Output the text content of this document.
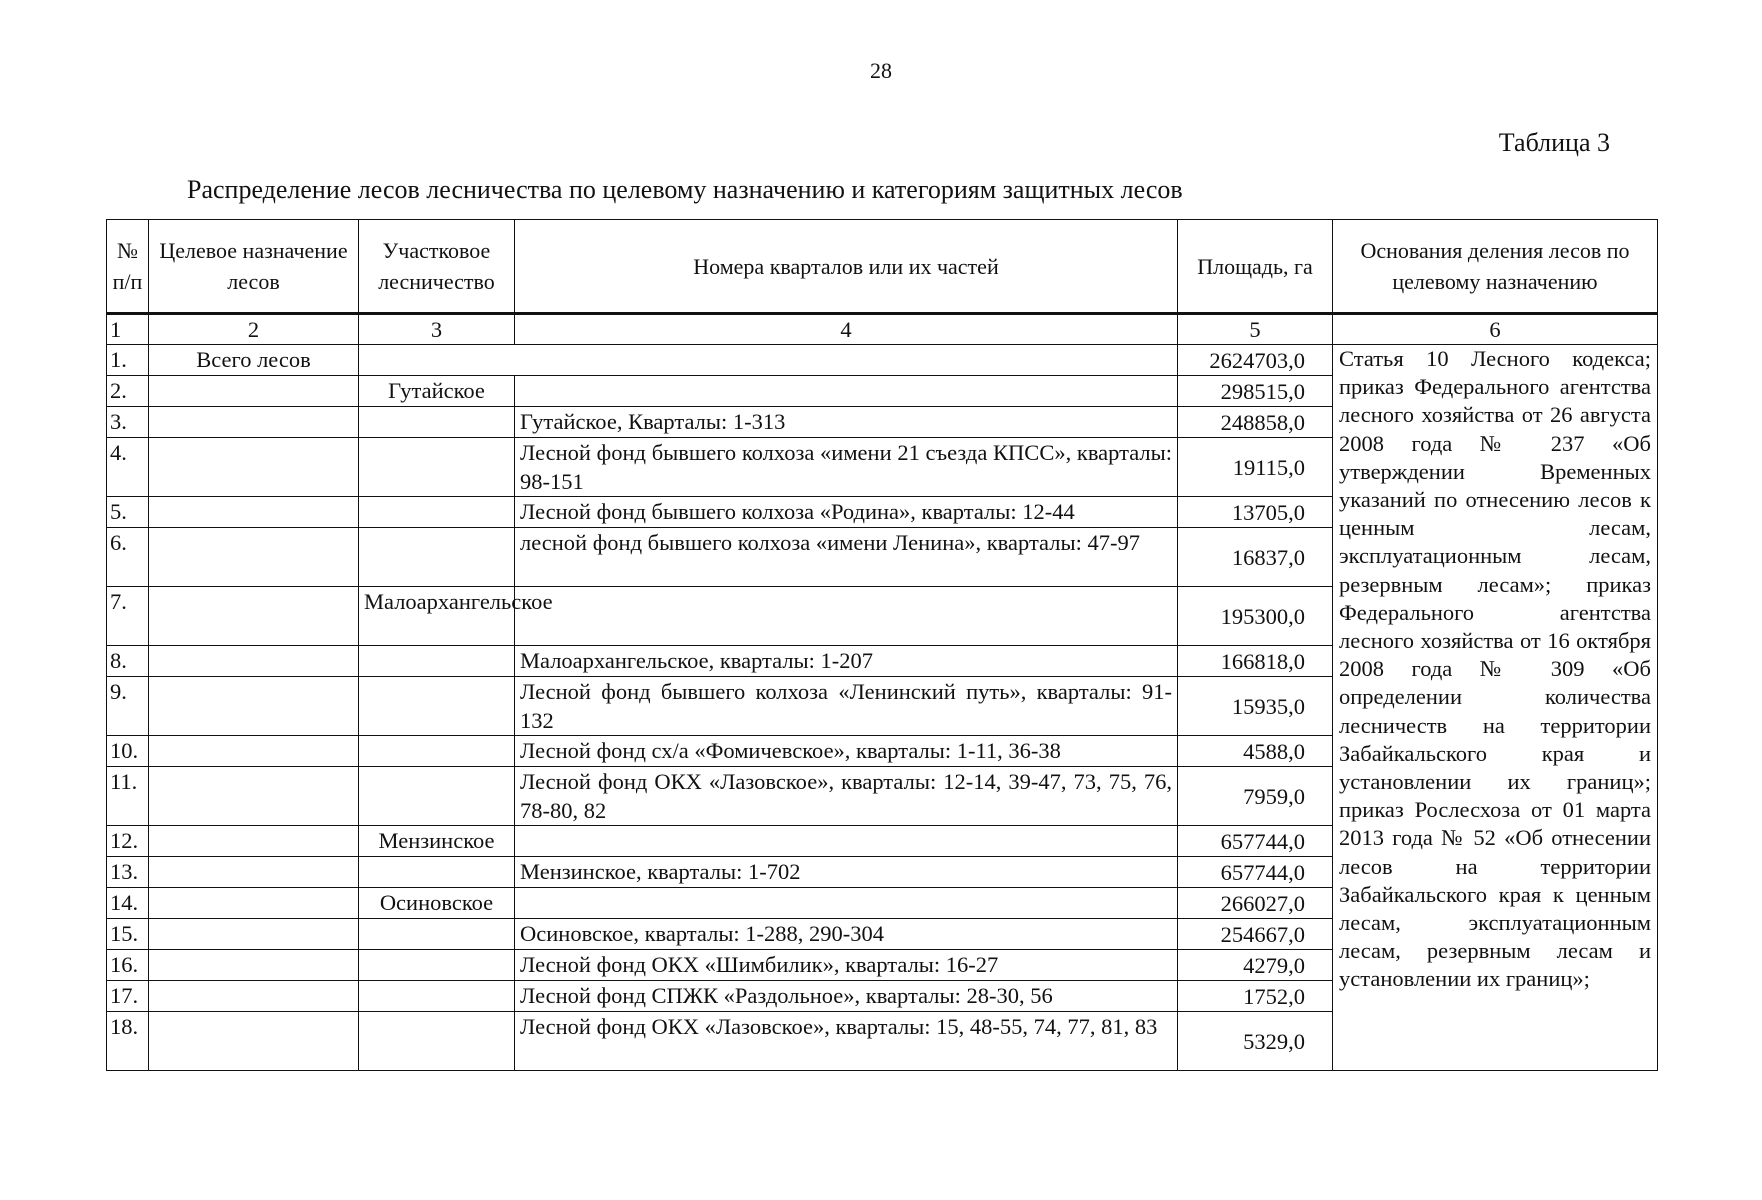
28
Таблица 3
Распределение лесов лесничества по целевому назначению и категориям защитных лесов
№ п/п	Целевое назначение лесов	Участковое лесничество	Номера кварталов или их частей	Площадь, га	Основания деления лесов по целевому назначению
1	2	3	4	5	6
1.	Всего лесов			2624703,0	Статья 10 Лесного кодекса; приказ Федерального агентства лесного хозяйства от 26 августа 2008 года № 237 «Об утверждении Временных указаний по отнесению лесов к ценным лесам, эксплуатационным лесам, резервным лесам»; приказ Федерального агентства лесного хозяйства от 16 октября 2008 года № 309 «Об определении количества лесничеств на территории Забайкальского края и установлении их границ»; приказ Рослесхоза от 01 марта 2013 года № 52 «Об отнесении лесов на территории Забайкальского края к ценным лесам, эксплуатационным лесам, резервным лесам и установлении их границ»;
2.		Гутайское		298515,0	
3.			Гутайское, Кварталы: 1-313	248858,0	
4.			Лесной фонд бывшего колхоза «имени 21 съезда КПСС», кварталы: 98-151	19115,0	
5.			Лесной фонд бывшего колхоза «Родина», кварталы: 12-44	13705,0	
6.			лесной фонд бывшего колхоза «имени Ленина», кварталы: 47-97	16837,0	
7.		Малоархангельское		195300,0	
8.			Малоархангельское, кварталы: 1-207	166818,0	
9.			Лесной фонд бывшего колхоза «Ленинский путь», кварталы: 91-132	15935,0	
10.			Лесной фонд сх/а «Фомичевское», кварталы: 1-11, 36-38	4588,0	
11.			Лесной фонд ОКХ «Лазовское», кварталы: 12-14, 39-47, 73, 75, 76, 78-80, 82	7959,0	
12.		Мензинское		657744,0	
13.			Мензинское, кварталы: 1-702	657744,0	
14.		Осиновское		266027,0	
15.			Осиновское, кварталы: 1-288, 290-304	254667,0	
16.			Лесной фонд ОКХ «Шимбилик», кварталы: 16-27	4279,0	
17.			Лесной фонд СПЖК «Раздольное», кварталы: 28-30, 56	1752,0	
18.			Лесной фонд ОКХ «Лазовское», кварталы: 15, 48-55, 74, 77, 81, 83	5329,0	
